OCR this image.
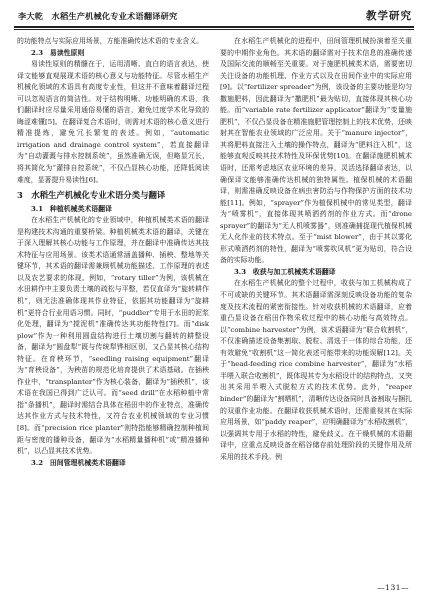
李大乾　水稻生产机械化专业术语翻译研究	教学研究

的功能特点与实际应用场景，方能准确传达术语的专业含义。

2.3　易读性原则

易读性原则的精髓在于，运用清晰、直白的语言表达，使译文能够直观展现术语的核心意义与功能特征。尽管水稻生产机械化领域的术语具有高度专业性，但这并不意味着翻译过程可以忽视语言的简洁性。对于结构明晰、功能明确的术语，我们翻译时应尽量采用通俗易懂的语言，避免过度学术化导致的晦涩难懂[5]。在翻译复合术语时，则需对术语的核心意义进行精准提炼，避免冗长繁复的表述。例如，“automatic irrigation and drainage control system”，若直接翻译为“自动灌溉与排水控制系统”，虽然准确无误，但略显冗长，将其简化为“灌排自控系统”，不仅凸显核心功能，还降低阅读难度，显著提升易读性[6]。

3　水稻生产机械化专业术语分类与翻译

3.1　种植机械类术语翻译

在水稻生产机械化的专业领域中，种植机械类术语的翻译是构建技术沟通的重要桥梁。种植机械类术语的翻译，关键在于深入理解其核心功能与工作原理，并在翻译中准确传达其技术特征与应用场景。该类术语通常涵盖播种、插秧、整地等关键环节，其术语的翻译需兼顾机械功能描述、工作原理的表述以及农艺要求的体现。例如，“rotary tiller”为例，该机械在水田耕作中主要负责土壤的疏松与平整，若仅直译为“旋转耕作机”，则无法准确体现其作业特征，依据其功能翻译为“旋耕机”更符合行业用语习惯。同时，“puddler”专用于水田的泥浆化处理，翻译为“搅泥机”准确传达其功能特性[7]。而“disk plow”作为一种利用圆盘结构进行土壤切割与翻转的耕整设备，翻译为“圆盘犁”既与传统犁铧相区别，又凸显其核心结构特征。在育秧环节，“seedling raising equipment”翻译为“育秧设备”，为秧苗的规范化培育提供了术语基础。在插秧作业中，“transplanter”作为核心装备，翻译为“插秧机”，该术语在我国已得到广泛认可。而“seed drill”在水稻种植中常指“条播机”，翻译时需结合具体在稻田中的作业特点，准确传达其作业方式与技术特性，又符合农业机械领域的专业习惯[8]。而“precision rice planter”则特指能够精确控制种植间距与密度的播种设备，翻译为“水稻精量播种机”或“精准播种机”，以凸显其技术优势。

3.2　田间管理机械类术语翻译

在水稻生产机械化的进程中，田间管理机械扮演着至关重要的中期作业角色。其术语的翻译需对于技术信息的准确传递及国际交流的顺畅至关重要。对于施肥机械类术语，需要密切关注设备的功能机理、作业方式以及在田间作业中的实际应用[9]。以“fertilizer spreader”为例，该设备的主要功能是均匀撒施肥料，因此翻译为“撒肥机”最为贴切，直接体现其核心功能。而“variable rate fertilizer applicator”翻译为“变量施肥机”，不仅凸显设备在精准施肥管理控制上的技术优势，还映射其在智能农业领域的广泛应用。关于“manure injector”，其将肥料直接注入土壤的操作特点，翻译为“肥料注入机”，这能够直观反映其技术特性及环保优势[10]。在翻译施肥机械术语时，还需考虑地区农业环境的差异，灵活选择翻译表达，以确保译文能够准确传达机械的独特属性。植保机械的术语翻译，则需准确反映设备在病虫害防治与作物保护方面的技术功能[11]。例如，“sprayer”作为植保机械中的常见类型，翻译为“喷雾机”，直接体现其喷洒药剂的作业方式。而“drone sprayer”的翻译为“无人机喷雾器”，则准确捕捉现代植保机械无人化作业的技术特点。至于“mist blower”，由于其以雾化形式喷洒药剂的特性，翻译为“喷雾吹风机”更为贴切，符合设备的实际功能。

3.3　收获与加工机械类术语翻译

在水稻生产机械化的整个过程中，收获与加工机械构成了不可或缺的关键环节。其术语翻译需深刻反映设备功能的复杂度及技术流程的紧密衔接性。针对收获机械的术语翻译，应着重凸显设备在稻田作物采收过程中的核心功能与高效特点。以“combine harvester”为例，该术语翻译为“联合收割机”，不仅准确描述设备集割取、脱粒、清选于一体的综合功能，还有效避免“收割机”这一简化表述可能带来的功能误解[12]。关于“head-feeding rice combine harvester”，翻译为“水稻半喂入联合收割机”，既体现其专为水稻设计的结构特点，又突出其采用半喂入式脱粒方式的技术优势。此外，“reaper binder”的翻译为“割晒机”，清晰传达设备同时具备割取与捆扎的双重作业功能。在翻译收获机械术语时，还需重视其在实际应用场景，如“paddy reaper”，应明确翻译为“水稻收割机”，以强调其专用于水稻的特性，避免歧义。在干燥机械的术语翻译中，应重点反映设备在稻谷储存前处理阶段的关键作用及所采用的技术手段。例

—131—
